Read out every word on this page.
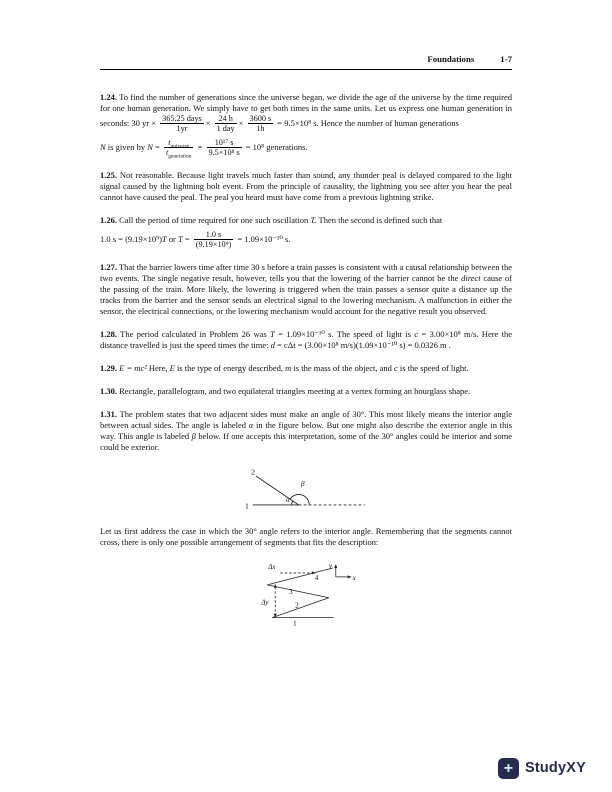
Foundations	1-7
1.24. To find the number of generations since the universe began, we divide the age of the universe by the time required for one human generation. We simply have to get both times in the same units. Let us express one human generation in seconds: 30 yr × $\frac{\text{365.25 days}}{1yr} \times \frac{24 h}{\text{1 day}} \times \frac{3600 s}{1h} = 9.5\times 10^8$ s. Hence the number of human generations
N is given by $N = \frac{t_{universe}}{t_{generation}} = \frac{\text{10¹⁷ s}}{\text{9.5×10⁸ s}} = 10^8$ generations.
1.25. Not reasonable. Because light travels much faster than sound, any thunder peal is delayed compared to the light signal caused by the lightning bolt event. From the principle of causality, the lightning you see after you hear the peal cannot have caused the peal. The peal you heard must have come from a previous lightning strike.
1.26. Call the period of time required for one such oscillation T. Then the second is defined such that
1.0 s = (9.19×10⁹)T or $T = \frac{1.0 s}{\text{(9.19×10⁹)}} = 1.09\times 10^{-10}$ s.
1.27. That the barrier lowers time after time 30 s before a train passes is consistent with a causal relationship between the two events. The single negative result, however, tells you that the lowering of the barrier cannot be the direct cause of the passing of the train. More likely, the lowering is triggered when the train passes a sensor quite a distance up the tracks from the barrier and the sensor sends an electrical signal to the lowering mechanism. A malfunction in either the sensor, the electrical connections, or the lowering mechanism would account for the negative result you observed.
1.28. The period calculated in Problem 26 was T = 1.09×10⁻¹⁰ s. The speed of light is c = 3.00×10⁸ m/s. Here the distance travelled is just the speed times the time: d = cΔt = (3.00×10⁸ m/s)(1.09×10⁻¹⁰ s) = 0.0326 m .
1.29. E = mc² Here, E is the type of energy described, m is the mass of the object, and c is the speed of light.
1.30. Rectangle, parallelogram, and two equilateral triangles meeting at a vertex forming an hourglass shape.
1.31. The problem states that two adjacent sides must make an angle of 30°. This most likely means the interior angle between actual sides. The angle is labeled α in the figure below. But one might also describe the exterior angle in this way. This angle is labeled β below. If one accepts this interpretation, some of the 30° angles could be interior and some could be exterior.
1
2
α
β
Let us first address the case in which the 30° angle refers to the interior angle. Remembering that the segments cannot cross, there is only one possible arrangement of segments that fits the description:
1
2
3
4
Δx
Δy
y
x
+ StudyXY
